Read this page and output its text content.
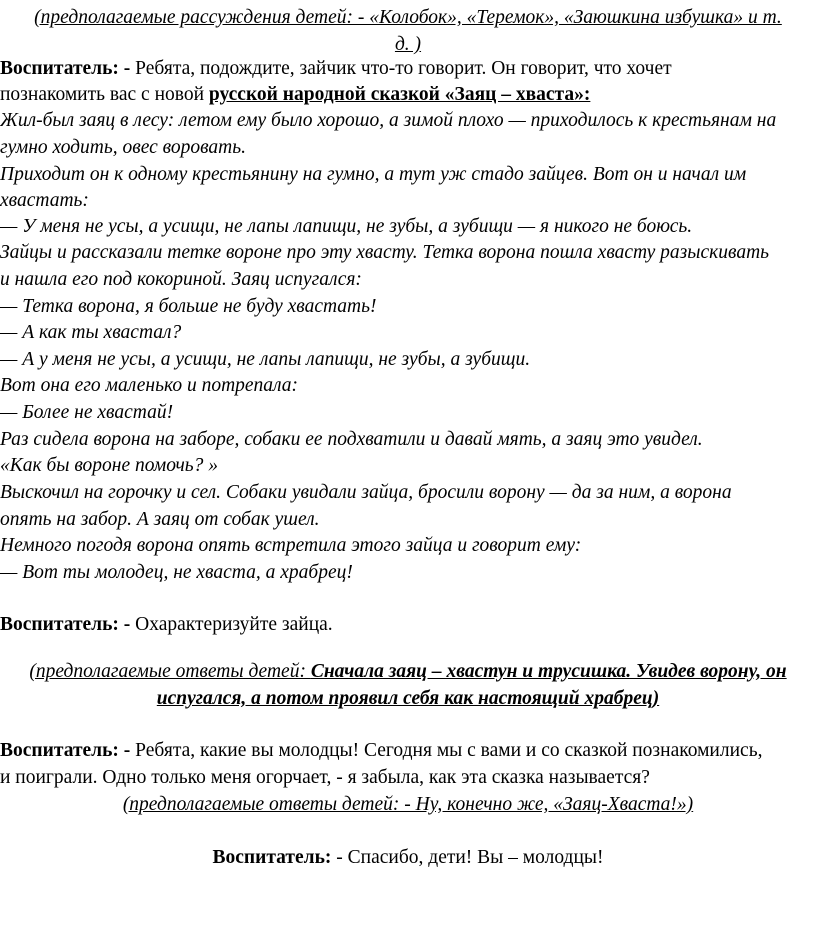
(предполагаемые рассуждения детей: - «Колобок», «Теремок», «Заюшкина избушка» и т.
д. )
Воспитатель: - Ребята, подождите, зайчик что-то говорит. Он говорит, что хочет
познакомить вас с новой русской народной сказкой «Заяц – хваста»:
Жил-был заяц в лесу: летом ему было хорошо, а зимой плохо — приходилось к крестьянам на
гумно ходить, овес воровать.
Приходит он к одному крестьянину на гумно, а тут уж стадо зайцев. Вот он и начал им
хвастать:
— У меня не усы, а усищи, не лапы лапищи, не зубы, а зубищи — я никого не боюсь.
Зайцы и рассказали тетке вороне про эту хвасту. Тетка ворона пошла хвасту разыскивать
и нашла его под кокориной. Заяц испугался:
— Тетка ворона, я больше не буду хвастать!
— А как ты хвастал?
— А у меня не усы, а усищи, не лапы лапищи, не зубы, а зубищи.
Вот она его маленько и потрепала:
— Более не хвастай!
Раз сидела ворона на заборе, собаки ее подхватили и давай мять, а заяц это увидел.
«Как бы вороне помочь? »
Выскочил на горочку и сел. Собаки увидали зайца, бросили ворону — да за ним, а ворона
опять на забор. А заяц от собак ушел.
Немного погодя ворона опять встретила этого зайца и говорит ему:
— Вот ты молодец, не хваста, а храбрец!
Воспитатель: - Охарактеризуйте зайца.
(предполагаемые ответы детей: Сначала заяц – хвастун и трусишка. Увидев ворону, он
испугался, а потом проявил себя как настоящий храбрец)
Воспитатель: - Ребята, какие вы молодцы! Сегодня мы с вами и со сказкой познакомились,
и поиграли. Одно только меня огорчает, - я забыла, как эта сказка называется?
(предполагаемые ответы детей: - Ну, конечно же, «Заяц-Хваста!»)
Воспитатель: - Спасибо, дети! Вы – молодцы!
